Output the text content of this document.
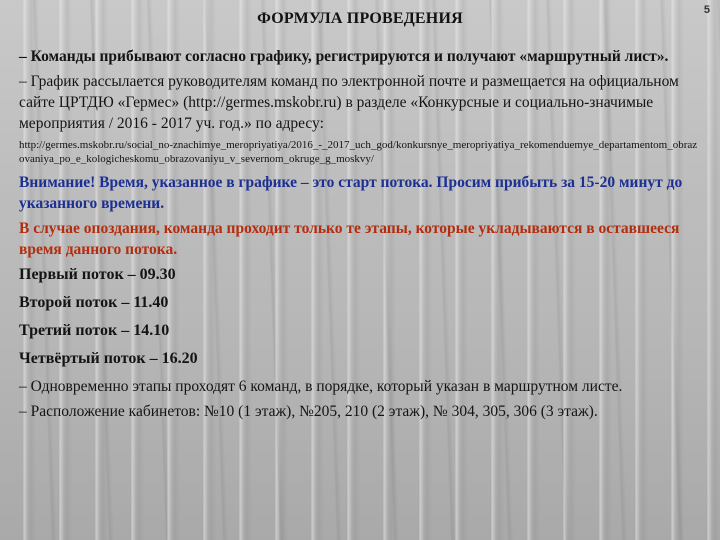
ФОРМУЛА ПРОВЕДЕНИЯ	5

– Команды прибывают согласно графику, регистрируются и получают «маршрутный лист».

– График рассылается руководителям команд по электронной почте и размещается на официальном сайте ЦРТДЮ «Гермес» (http://germes.mskobr.ru) в разделе «Конкурсные и социально-значимые мероприятия / 2016 - 2017 уч. год.» по адресу:

http://germes.mskobr.ru/social_no-znachimye_meropriyatiya/2016_-_2017_uch_god/konkursnye_meropriyatiya_rekomenduemye_departamentom_obrazovaniya_po_e_kologicheskomu_obrazovaniyu_v_severnom_okruge_g_moskvy/

Внимание! Время, указанное в графике – это старт потока. Просим прибыть за 15-20 минут до указанного времени.

В случае опоздания, команда проходит только те этапы, которые укладываются в оставшееся время данного потока.

Первый поток – 09.30

Второй поток – 11.40

Третий поток – 14.10

Четвёртый поток – 16.20

– Одновременно этапы проходят 6 команд, в порядке, который указан в маршрутном листе.

– Расположение кабинетов: №10 (1 этаж), №205, 210 (2 этаж), № 304, 305, 306 (3 этаж).
